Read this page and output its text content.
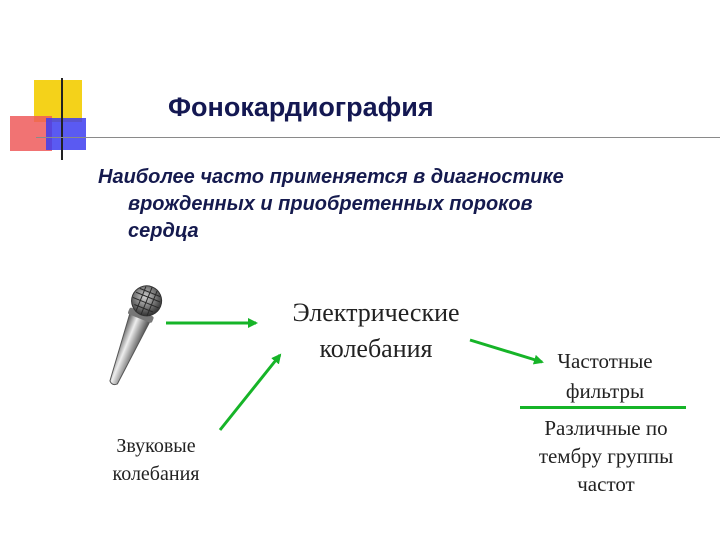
Фонокардиография
Наиболее часто применяется в диагностике
врожденных и приобретенных пороков
сердца
Электрические
колебания	Частотные
фильтры
Различные по
тембру группы
частот
Звуковые
колебания
